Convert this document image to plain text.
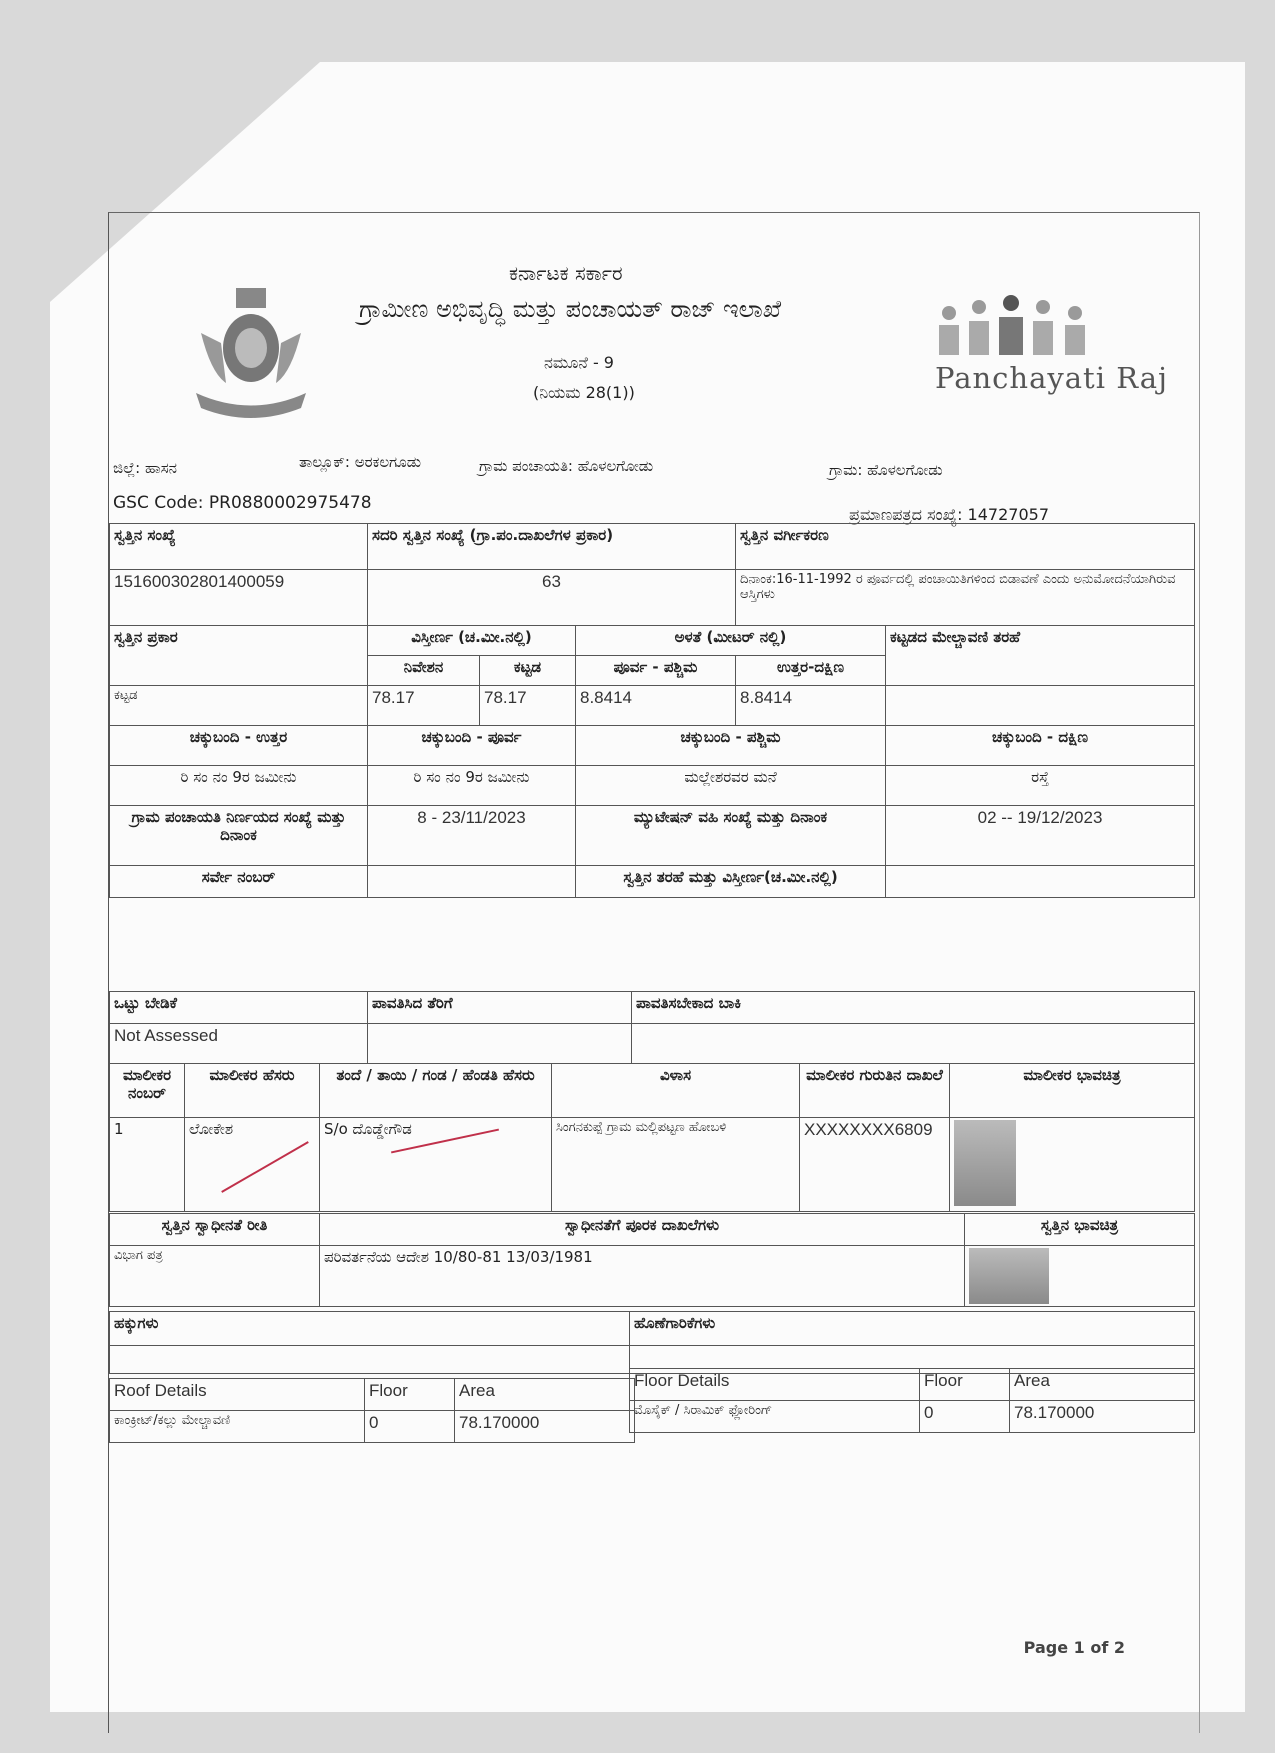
ಕರ್ನಾಟಕ ಸರ್ಕಾರ
ಗ್ರಾಮೀಣ ಅಭಿವೃದ್ಧಿ ಮತ್ತು ಪಂಚಾಯತ್ ರಾಜ್ ಇಲಾಖೆ
ನಮೂನೆ - 9
(ನಿಯಮ 28(1))	Panchayati Raj
ಜಿಲ್ಲೆ: ಹಾಸನ	ತಾಲ್ಲೂಕ್: ಅರಕಲಗೂಡು	ಗ್ರಾಮ ಪಂಚಾಯತಿ: ಹೊಳಲಗೋಡು	ಗ್ರಾಮ: ಹೊಳಲಗೋಡು
GSC Code: PR0880002975478
ಪ್ರಮಾಣಪತ್ರದ ಸಂಖ್ಯೆ: 14727057
ಸ್ವತ್ತಿನ ಸಂಖ್ಯೆ	ಸದರಿ ಸ್ವತ್ತಿನ ಸಂಖ್ಯೆ (ಗ್ರಾ.ಪಂ.ದಾಖಲೆಗಳ ಪ್ರಕಾರ)			ಸ್ವತ್ತಿನ ವರ್ಗೀಕರಣ	
151600302801400059	63			ದಿನಾಂಕ:16-11-1992 ರ ಪೂರ್ವದಲ್ಲಿ ಪಂಚಾಯಿತಿಗಳಿಂದ ಬಿಡಾವಣೆ ಎಂದು ಅನುಮೋದನೆಯಾಗಿರುವ ಆಸ್ತಿಗಳು	
ಸ್ವತ್ತಿನ ಪ್ರಕಾರ	ವಿಸ್ತೀರ್ಣ (ಚ.ಮೀ.ನಲ್ಲಿ)		ಅಳತೆ (ಮೀಟರ್ ನಲ್ಲಿ)		ಕಟ್ಟಡದ ಮೇಲ್ಚಾವಣಿ ತರಹೆ
	ನಿವೇಶನ	ಕಟ್ಟಡ	ಪೂರ್ವ - ಪಶ್ಚಿಮ	ಉತ್ತರ-ದಕ್ಷಿಣ	
ಕಟ್ಟಡ	78.17	78.17	8.8414	8.8414	
ಚಕ್ಕುಬಂದಿ - ಉತ್ತರ	ಚಕ್ಕುಬಂದಿ - ಪೂರ್ವ		ಚಕ್ಕುಬಂದಿ - ಪಶ್ಚಿಮ		ಚಕ್ಕುಬಂದಿ - ದಕ್ಷಿಣ
ರಿ ಸಂ ನಂ 9ರ ಜಮೀನು	ರಿ ಸಂ ನಂ 9ರ ಜಮೀನು		ಮಲ್ಲೇಶರವರ ಮನೆ		ರಸ್ತೆ
ಗ್ರಾಮ ಪಂಚಾಯತಿ ನಿರ್ಣಯದ ಸಂಖ್ಯೆ ಮತ್ತು ದಿನಾಂಕ	8 - 23/11/2023		ಮ್ಯುಟೇಷನ್ ವಹಿ ಸಂಖ್ಯೆ ಮತ್ತು ದಿನಾಂಕ		02 -- 19/12/2023
ಸರ್ವೇ ನಂಬರ್			ಸ್ವತ್ತಿನ ತರಹೆ ಮತ್ತು ವಿಸ್ತೀರ್ಣ(ಚ.ಮೀ.ನಲ್ಲಿ)		
ಒಟ್ಟು ಬೇಡಿಕೆ	ಪಾವತಿಸಿದ ತೆರಿಗೆ	ಪಾವತಿಸಬೇಕಾದ ಬಾಕಿ
Not Assessed		
ಮಾಲೀಕರ ನಂಬರ್	ಮಾಲೀಕರ ಹೆಸರು	ತಂದೆ / ತಾಯಿ / ಗಂಡ / ಹೆಂಡತಿ ಹೆಸರು	ವಿಳಾಸ	ಮಾಲೀಕರ ಗುರುತಿನ ದಾಖಲೆ	ಮಾಲೀಕರ ಭಾವಚಿತ್ರ
1	ಲೋಕೇಶ	S/o ದೊಡ್ಡೇಗೌಡ	ಸಿಂಗನಕುಪ್ಪೆ ಗ್ರಾಮ ಮಲ್ಲಿಪಟ್ಟಣ ಹೋಬಳಿ	XXXXXXXX6809	
ಸ್ವತ್ತಿನ ಸ್ವಾಧೀನತೆ ರೀತಿ	ಸ್ವಾಧೀನತೆಗೆ ಪೂರಕ ದಾಖಲೆಗಳು	ಸ್ವತ್ತಿನ ಭಾವಚಿತ್ರ
ವಿಭಾಗ ಪತ್ರ	ಪರಿವರ್ತನೆಯ ಆದೇಶ 10/80-81 13/03/1981	
ಹಕ್ಕುಗಳು	ಹೊಣೆಗಾರಿಕೆಗಳು

Roof Details	Floor	Area
ಕಾಂಕ್ರೀಟ್/ಕಲ್ಲು ಮೇಲ್ಚಾವಣಿ	0	78.170000
Floor Details	Floor	Area
ಮೊಸೈಕ್ / ಸಿರಾಮಿಕ್ ಫ್ಲೋರಿಂಗ್	0	78.170000
Page 1 of 2
